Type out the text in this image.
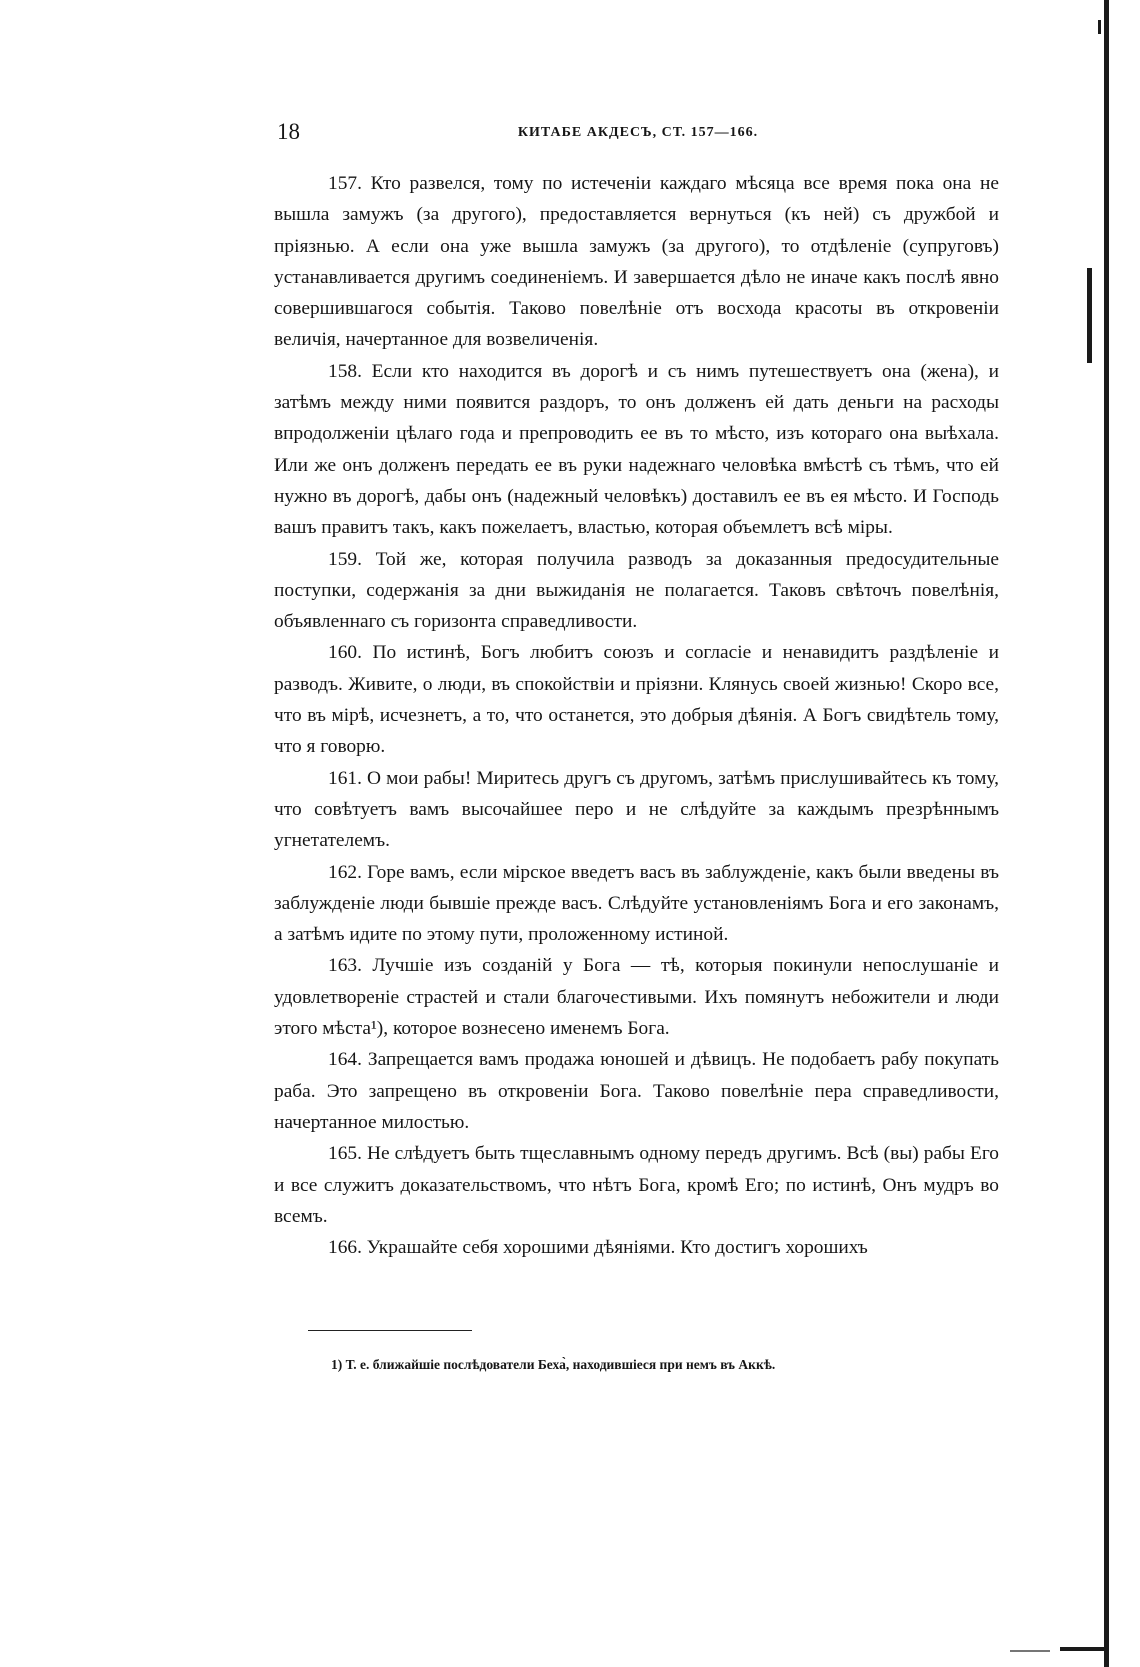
18	КИТАБЕ АКДЕСЪ, СТ. 157—166.

157. Кто развелся, тому по истеченіи каждаго мѣсяца все время пока она не вышла замужъ (за другого), предоставляется вернуться (къ ней) съ дружбой и пріязнью. А если она уже вышла замужъ (за другого), то отдѣленіе (супруговъ) устанавливается другимъ соединеніемъ. И завершается дѣло не иначе какъ послѣ явно совершившагося событія. Таково повелѣніе отъ восхода красоты въ откровеніи величія, начертанное для возвеличенія.

158. Если кто находится въ дорогѣ и съ нимъ путешествуетъ она (жена), и затѣмъ между ними появится раздоръ, то онъ долженъ ей дать деньги на расходы впродолженіи цѣлаго года и препроводить ее въ то мѣсто, изъ котораго она выѣхала. Или же онъ долженъ передать ее въ руки надежнаго человѣка вмѣстѣ съ тѣмъ, что ей нужно въ дорогѣ, дабы онъ (надежный человѣкъ) доставилъ ее въ ея мѣсто. И Господь вашъ правитъ такъ, какъ пожелаетъ, властью, которая объемлетъ всѣ міры.

159. Той же, которая получила разводъ за доказанныя предосудительные поступки, содержанія за дни выжиданія не полагается. Таковъ свѣточъ повелѣнія, объявленнаго съ горизонта справедливости.

160. По истинѣ, Богъ любитъ союзъ и согласіе и ненавидитъ раздѣленіе и разводъ. Живите, о люди, въ спокойствіи и пріязни. Клянусь своей жизнью! Скоро все, что въ мірѣ, исчезнетъ, а то, что останется, это добрыя дѣянія. А Богъ свидѣтель тому, что я говорю.

161. О мои рабы! Миритесь другъ съ другомъ, затѣмъ прислушивайтесь къ тому, что совѣтуетъ вамъ высочайшее перо и не слѣдуйте за каждымъ презрѣннымъ угнетателемъ.

162. Горе вамъ, если мірское введетъ васъ въ заблужденіе, какъ были введены въ заблужденіе люди бывшіе прежде васъ. Слѣдуйте установленіямъ Бога и его законамъ, а затѣмъ идите по этому пути, проложенному истиной.

163. Лучшіе изъ созданій у Бога — тѣ, которыя покинули непослушаніе и удовлетвореніе страстей и стали благочестивыми. Ихъ помянутъ небожители и люди этого мѣста¹), которое вознесено именемъ Бога.

164. Запрещается вамъ продажа юношей и дѣвицъ. Не подобаетъ рабу покупать раба. Это запрещено въ откровеніи Бога. Таково повелѣніе пера справедливости, начертанное милостью.

165. Не слѣдуетъ быть тщеславнымъ одному передъ другимъ. Всѣ (вы) рабы Его и все служитъ доказательствомъ, что нѣтъ Бога, кромѣ Его; по истинѣ, Онъ мудръ во всемъ.

166. Украшайте себя хорошими дѣяніями. Кто достигъ хорошихъ

1) Т. е. ближайшіе послѣдователи Беха̀, находившіеся при немъ въ Аккѣ.
